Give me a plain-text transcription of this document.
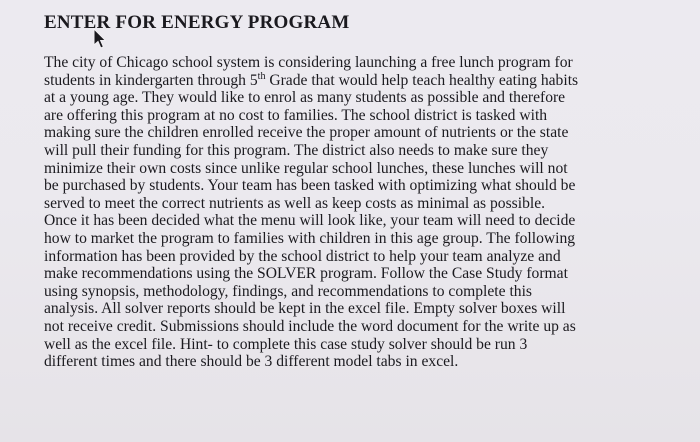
ENTER FOR ENERGY PROGRAM
The city of Chicago school system is considering launching a free lunch program for
students in kindergarten through 5th Grade that would help teach healthy eating habits
at a young age. They would like to enrol as many students as possible and therefore
are offering this program at no cost to families. The school district is tasked with
making sure the children enrolled receive the proper amount of nutrients or the state
will pull their funding for this program. The district also needs to make sure they
minimize their own costs since unlike regular school lunches, these lunches will not
be purchased by students. Your team has been tasked with optimizing what should be
served to meet the correct nutrients as well as keep costs as minimal as possible.
Once it has been decided what the menu will look like, your team will need to decide
how to market the program to families with children in this age group. The following
information has been provided by the school district to help your team analyze and
make recommendations using the SOLVER program. Follow the Case Study format
using synopsis, methodology, findings, and recommendations to complete this
analysis. All solver reports should be kept in the excel file. Empty solver boxes will
not receive credit. Submissions should include the word document for the write up as
well as the excel file. Hint- to complete this case study solver should be run 3
different times and there should be 3 different model tabs in excel.
